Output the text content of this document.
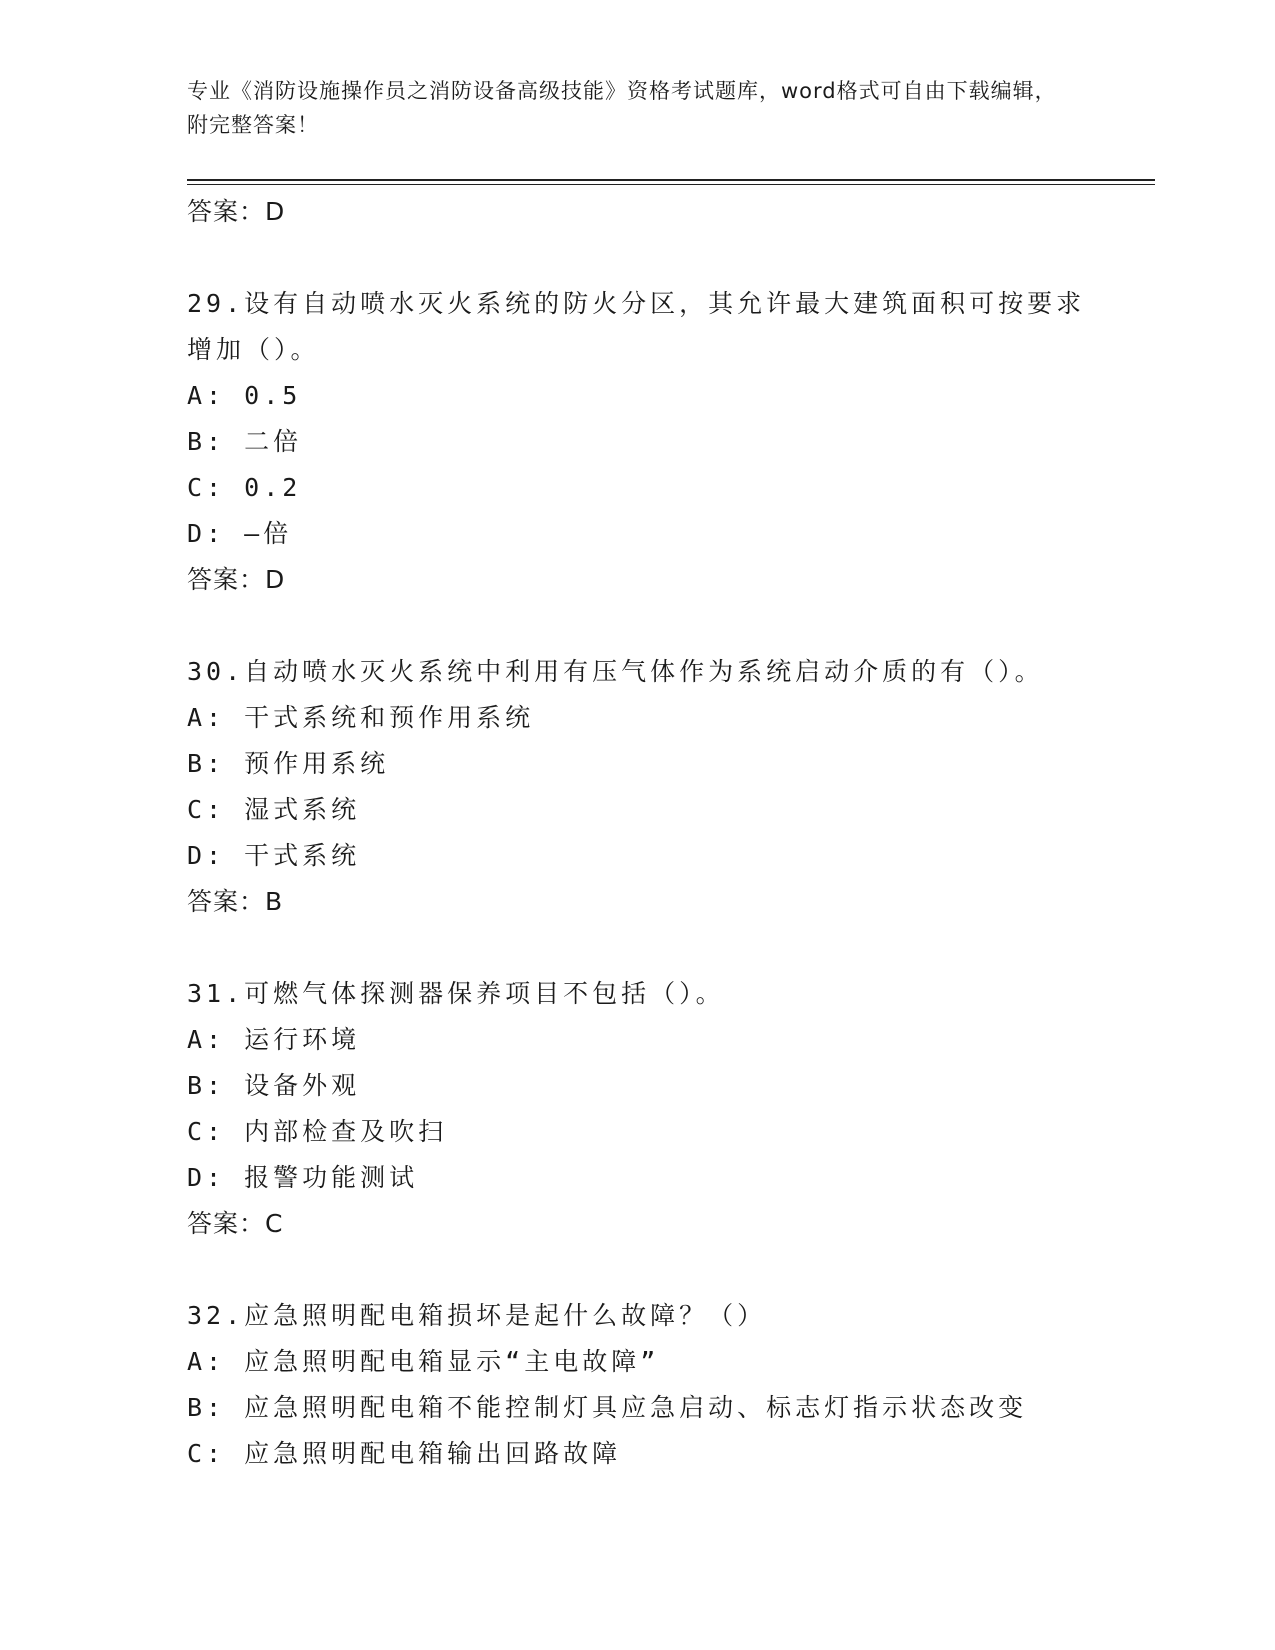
专业《消防设施操作员之消防设备高级技能》资格考试题库，word格式可自由下载编辑，附完整答案！
答案：D
29.设有自动喷水灭火系统的防火分区，其允许最大建筑面积可按要求增加（）。
A: 0.5
B: 二倍
C: 0.2
D: —倍
答案：D
30.自动喷水灭火系统中利用有压气体作为系统启动介质的有（）。
A: 干式系统和预作用系统
B: 预作用系统
C: 湿式系统
D: 干式系统
答案：B
31.可燃气体探测器保养项目不包括（）。
A: 运行环境
B: 设备外观
C: 内部检查及吹扫
D: 报警功能测试
答案：C
32.应急照明配电箱损坏是起什么故障？（）
A: 应急照明配电箱显示“主电故障”
B: 应急照明配电箱不能控制灯具应急启动、标志灯指示状态改变
C: 应急照明配电箱输出回路故障
